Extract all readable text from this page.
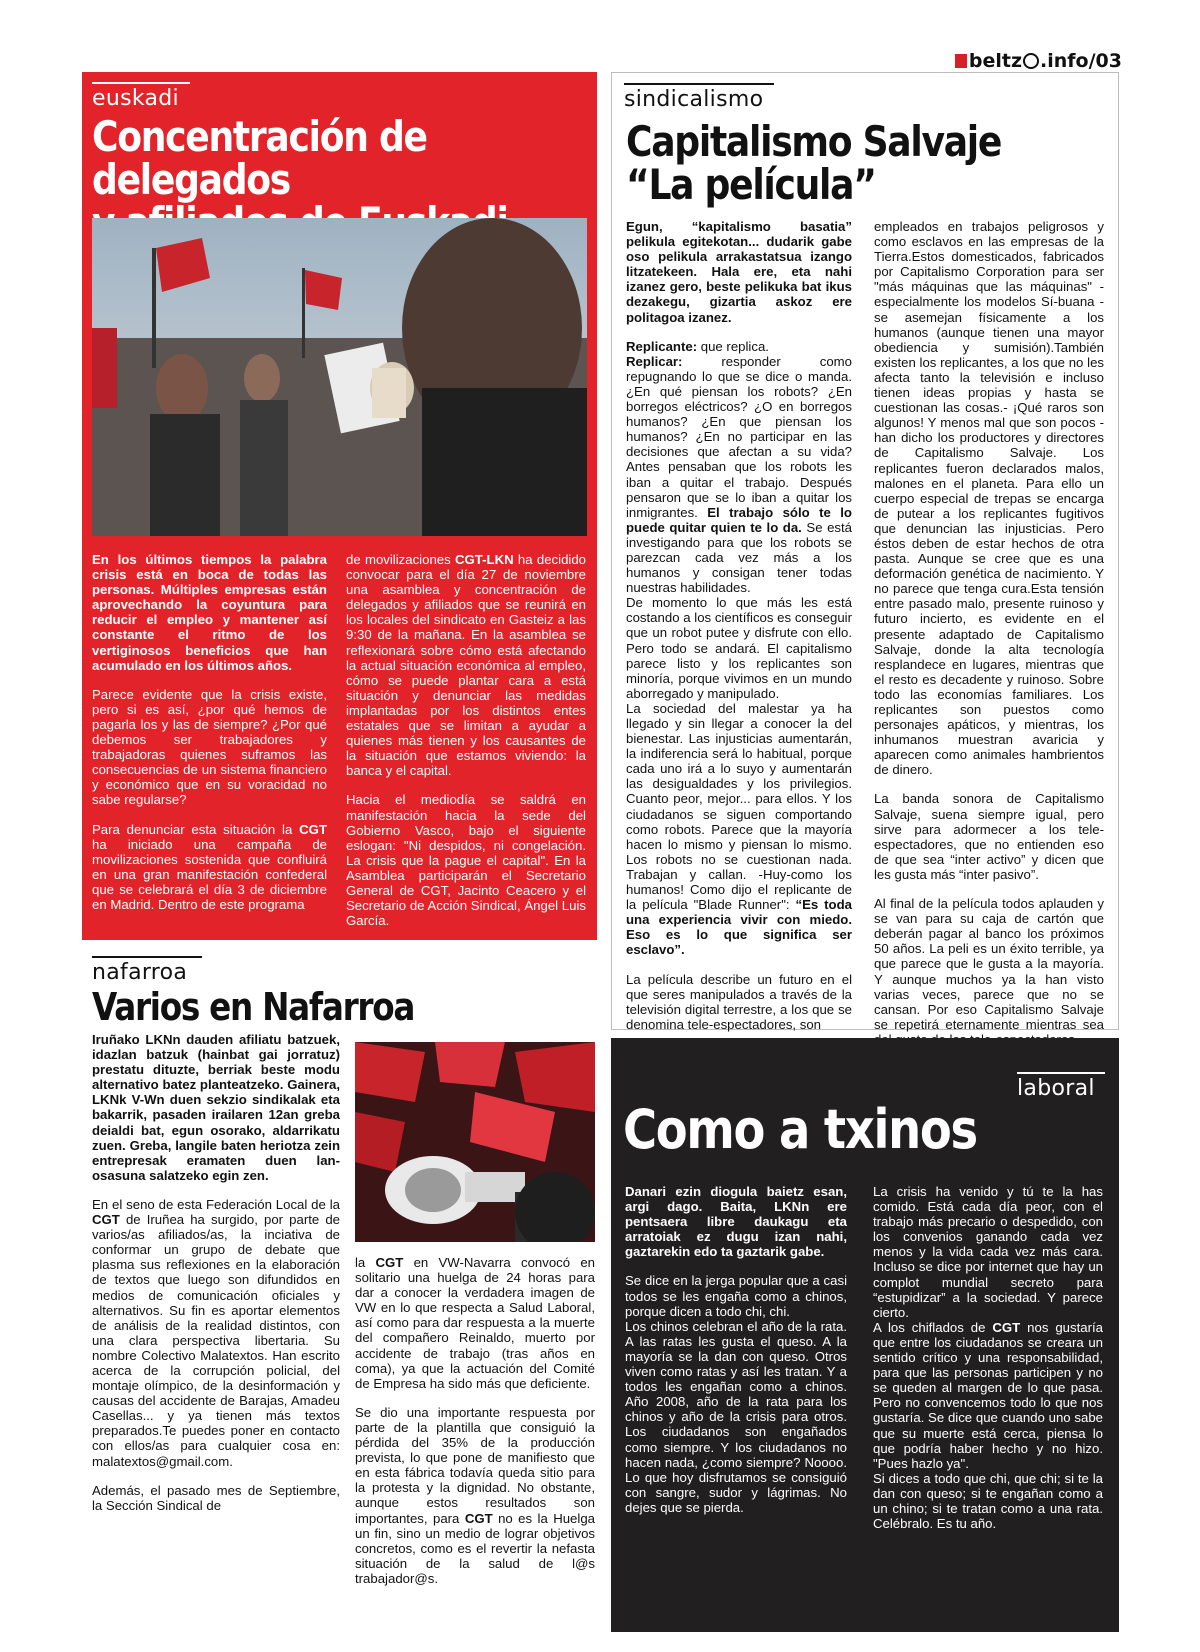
beltz .info/03
euskadi
Concentración de delegados

En los últimos tiempos la palabra crisis está en boca de todas las personas. Múltiples empresas están aprovechando la coyuntura para reducir el empleo y mantener así constante el ritmo de los vertiginosos beneficios que han acumulado en los últimos años.

Parece evidente que la crisis existe, pero si es así, ¿por qué hemos de pagarla los y las de siempre? ¿Por qué debemos ser trabajadores y trabajadoras quienes suframos las consecuencias de un sistema financiero y económico que en su voracidad no sabe regularse?

Para denunciar esta situación la CGT ha iniciado una campaña de movilizaciones sostenida que confluirá en una gran manifestación confederal que se celebrará el día 3 de diciembre en Madrid. Dentro de este programa

de movilizaciones CGT-LKN ha decidido convocar para el día 27 de noviembre una asamblea y concentración de delegados y afiliados que se reunirá en los locales del sindicato en Gasteiz a las 9:30 de la mañana. En la asamblea se reflexionará sobre cómo está afectando la actual situación económica al empleo, cómo se puede plantar cara a está situación y denunciar las medidas implantadas por los distintos entes estatales que se limitan a ayudar a quienes más tienen y los causantes de la situación que estamos viviendo: la banca y el capital.

Hacia el mediodía se saldrá en manifestación hacia la sede del Gobierno Vasco, bajo el siguiente eslogan: "Ni despidos, ni congelación. La crisis que la pague el capital". En la Asamblea participarán el Secretario General de CGT, Jacinto Ceacero y el Secretario de Acción Sindical, Ángel Luis García.

sindicalismo
Capitalismo Salvaje
“La película”

Egun, “kapitalismo basatia” pelikula egitekotan... dudarik gabe oso pelikula arrakastatsua izango litzatekeen. Hala ere, eta nahi izanez gero, beste pelikuka bat ikus dezakegu, gizartia askoz ere politagoa izanez.

Replicante: que replica.

Replicar: responder como repugnando lo que se dice o manda. ¿En qué piensan los robots? ¿En borregos eléctricos? ¿O en borregos humanos? ¿En que piensan los humanos? ¿En no participar en las decisiones que afectan a su vida? Antes pensaban que los robots les iban a quitar el trabajo. Después pensaron que se lo iban a quitar los inmigrantes. El trabajo sólo te lo puede quitar quien te lo da. Se está investigando para que los robots se parezcan cada vez más a los humanos y consigan tener todas nuestras habilidades.

De momento lo que más les está costando a los científicos es conseguir que un robot putee y disfrute con ello. Pero todo se andará. El capitalismo parece listo y los replicantes son minoría, porque vivimos en un mundo aborregado y manipulado.

La sociedad del malestar ya ha llegado y sin llegar a conocer la del bienestar. Las injusticias aumentarán, la indiferencia será lo habitual, porque cada uno irá a lo suyo y aumentarán las desigualdades y los privilegios. Cuanto peor, mejor... para ellos. Y los ciudadanos se siguen comportando como robots. Parece que la mayoría hacen lo mismo y piensan lo mismo. Los robots no se cuestionan nada. Trabajan y callan. -Huy-como los humanos! Como dijo el replicante de la película "Blade Runner": “Es toda una experiencia vivir con miedo. Eso es lo que significa ser esclavo”.

La película describe un futuro en el que seres manipulados a través de la televisión digital terrestre, a los que se denomina tele-espectadores, son

empleados en trabajos peligrosos y como esclavos en las empresas de la Tierra.Estos domesticados, fabricados por Capitalismo Corporation para ser "más máquinas que las máquinas" - especialmente los modelos Sí-buana - se asemejan físicamente a los humanos (aunque tienen una mayor obediencia y sumisión).También existen los replicantes, a los que no les afecta tanto la televisión e incluso tienen ideas propias y hasta se cuestionan las cosas.- ¡Qué raros son algunos! Y menos mal que son pocos - han dicho los productores y directores de Capitalismo Salvaje. Los replicantes fueron declarados malos, malones en el planeta. Para ello un cuerpo especial de trepas se encarga de putear a los replicantes fugitivos que denuncian las injusticias. Pero éstos deben de estar hechos de otra pasta. Aunque se cree que es una deformación genética de nacimiento. Y no parece que tenga cura.Esta tensión entre pasado malo, presente ruinoso y futuro incierto, es evidente en el presente adaptado de Capitalismo Salvaje, donde la alta tecnología resplandece en lugares, mientras que el resto es decadente y ruinoso. Sobre todo las economías familiares. Los replicantes son puestos como personajes apáticos, y mientras, los inhumanos muestran avaricia y aparecen como animales hambrientos de dinero.

La banda sonora de Capitalismo Salvaje, suena siempre igual, pero sirve para adormecer a los tele-espectadores, que no entienden eso de que sea “inter activo” y dicen que les gusta más “inter pasivo”.

Al final de la película todos aplauden y se van para su caja de cartón que deberán pagar al banco los próximos 50 años. La peli es un éxito terrible, ya que parece que le gusta a la mayoría. Y aunque muchos ya la han visto varias veces, parece que no se cansan. Por eso Capitalismo Salvaje se repetirá eternamente mientras sea

nafarroa
Varios en Nafarroa

Iruñako LKNn dauden afiliatu batzuek, idazlan batzuk (hainbat gai jorratuz) prestatu dituzte, berriak beste modu alternativo batez planteatzeko. Gainera, LKNk V-Wn duen sekzio sindikalak eta bakarrik, pasaden irailaren 12an greba deialdi bat, egun osorako, aldarrikatu zuen. Greba, langile baten heriotza zein entrepresak eramaten duen lan-osasuna salatzeko egin zen.

En el seno de esta Federación Local de la CGT de Iruñea ha surgido, por parte de varios/as afiliados/as, la inciativa de conformar un grupo de debate que plasma sus reflexiones en la elaboración de textos que luego son difundidos en medios de comunicación oficiales y alternativos. Su fin es aportar elementos de análisis de la realidad distintos, con una clara perspectiva libertaria. Su nombre Colectivo Malatextos. Han escrito acerca de la corrupción policial, del montaje olímpico, de la desinformación y causas del accidente de Barajas, Amadeu Casellas... y ya tienen más textos preparados.Te puedes poner en contacto con ellos/as para cualquier cosa en: malatextos@gmail.com.

Además, el pasado mes de Septiembre, la Sección Sindical de

la CGT en VW-Navarra convocó en solitario una huelga de 24 horas para dar a conocer la verdadera imagen de VW en lo que respecta a Salud Laboral, así como para dar respuesta a la muerte del compañero Reinaldo, muerto por accidente de trabajo (tras años en coma), ya que la actuación del Comité de Empresa ha sido más que deficiente.

Se dio una importante respuesta por parte de la plantilla que consiguió la pérdida del 35% de la producción prevista, lo que pone de manifiesto que en esta fábrica todavía queda sitio para la protesta y la dignidad. No obstante, aunque estos resultados son importantes, para CGT no es la Huelga un fin, sino un medio de lograr objetivos concretos, como es el revertir la nefasta situación de la salud de l@s trabajador@s.

laboral
Como a txinos

Danari ezin diogula baietz esan, argi dago. Baita, LKNn ere pentsaera libre daukagu eta arratoiak ez dugu izan nahi, gaztarekin edo ta gaztarik gabe.

Se dice en la jerga popular que a casi todos se les engaña como a chinos, porque dicen a todo chi, chi.

Los chinos celebran el año de la rata. A las ratas les gusta el queso. A la mayoría se la dan con queso. Otros viven como ratas y así les tratan. Y a todos les engañan como a chinos. Año 2008, año de la rata para los chinos y año de la crisis para otros. Los ciudadanos son engañados como siempre. Y los ciudadanos no hacen nada, ¿como siempre? Noooo. Lo que hoy disfrutamos se consiguió con sangre, sudor y lágrimas. No dejes que se pierda.

La crisis ha venido y tú te la has comido. Está cada día peor, con el trabajo más precario o despedido, con los convenios ganando cada vez menos y la vida cada vez más cara. Incluso se dice por internet que hay un complot mundial secreto para “estupidizar” a la sociedad. Y parece cierto.

A los chiflados de CGT nos gustaría que entre los ciudadanos se creara un sentido crítico y una responsabilidad, para que las personas participen y no se queden al margen de lo que pasa. Pero no convencemos todo lo que nos gustaría. Se dice que cuando uno sabe que su muerte está cerca, piensa lo que podría haber hecho y no hizo. "Pues hazlo ya".

Si dices a todo que chi, que chi; si te la dan con queso; si te engañan como a un chino; si te tratan como a una rata. Celébralo. Es tu año.
